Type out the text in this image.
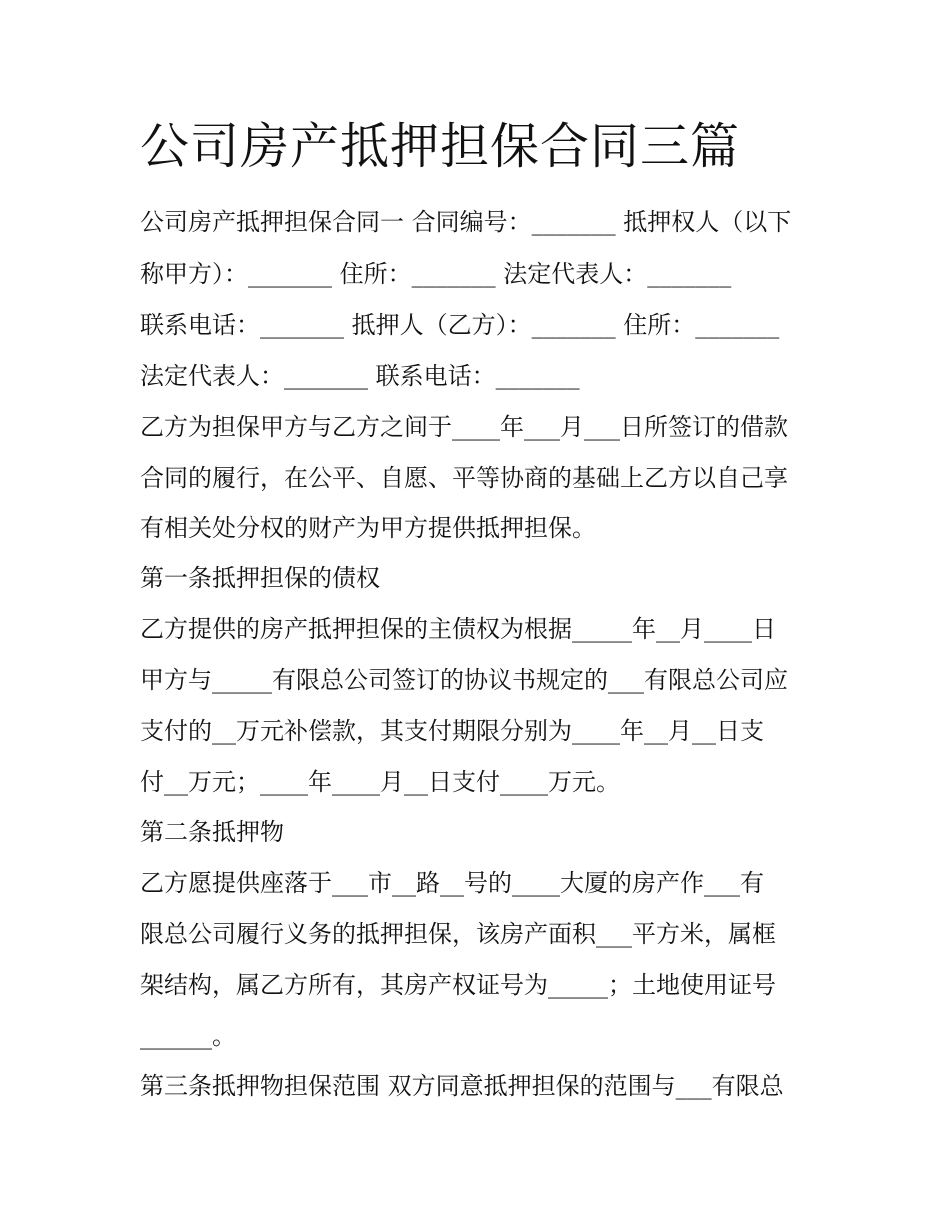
公司房产抵押担保合同三篇
公司房产抵押担保合同一 合同编号：_______ 抵押权人（以下
称甲方）：_______ 住所：_______ 法定代表人：_______
联系电话：_______ 抵押人（乙方）：_______ 住所：_______
法定代表人：_______ 联系电话：_______
乙方为担保甲方与乙方之间于____年___月___日所签订的借款
合同的履行，在公平、自愿、平等协商的基础上乙方以自己享
有相关处分权的财产为甲方提供抵押担保。
第一条抵押担保的债权
乙方提供的房产抵押担保的主债权为根据_____年__月____日
甲方与_____有限总公司签订的协议书规定的___有限总公司应
支付的__万元补偿款，其支付期限分别为____年__月__日支
付__万元；____年____月__日支付____万元。
第二条抵押物
乙方愿提供座落于___市__路__号的____大厦的房产作___有
限总公司履行义务的抵押担保，该房产面积___平方米，属框
架结构，属乙方所有，其房产权证号为_____；土地使用证号
______。
第三条抵押物担保范围 双方同意抵押担保的范围与___有限总
